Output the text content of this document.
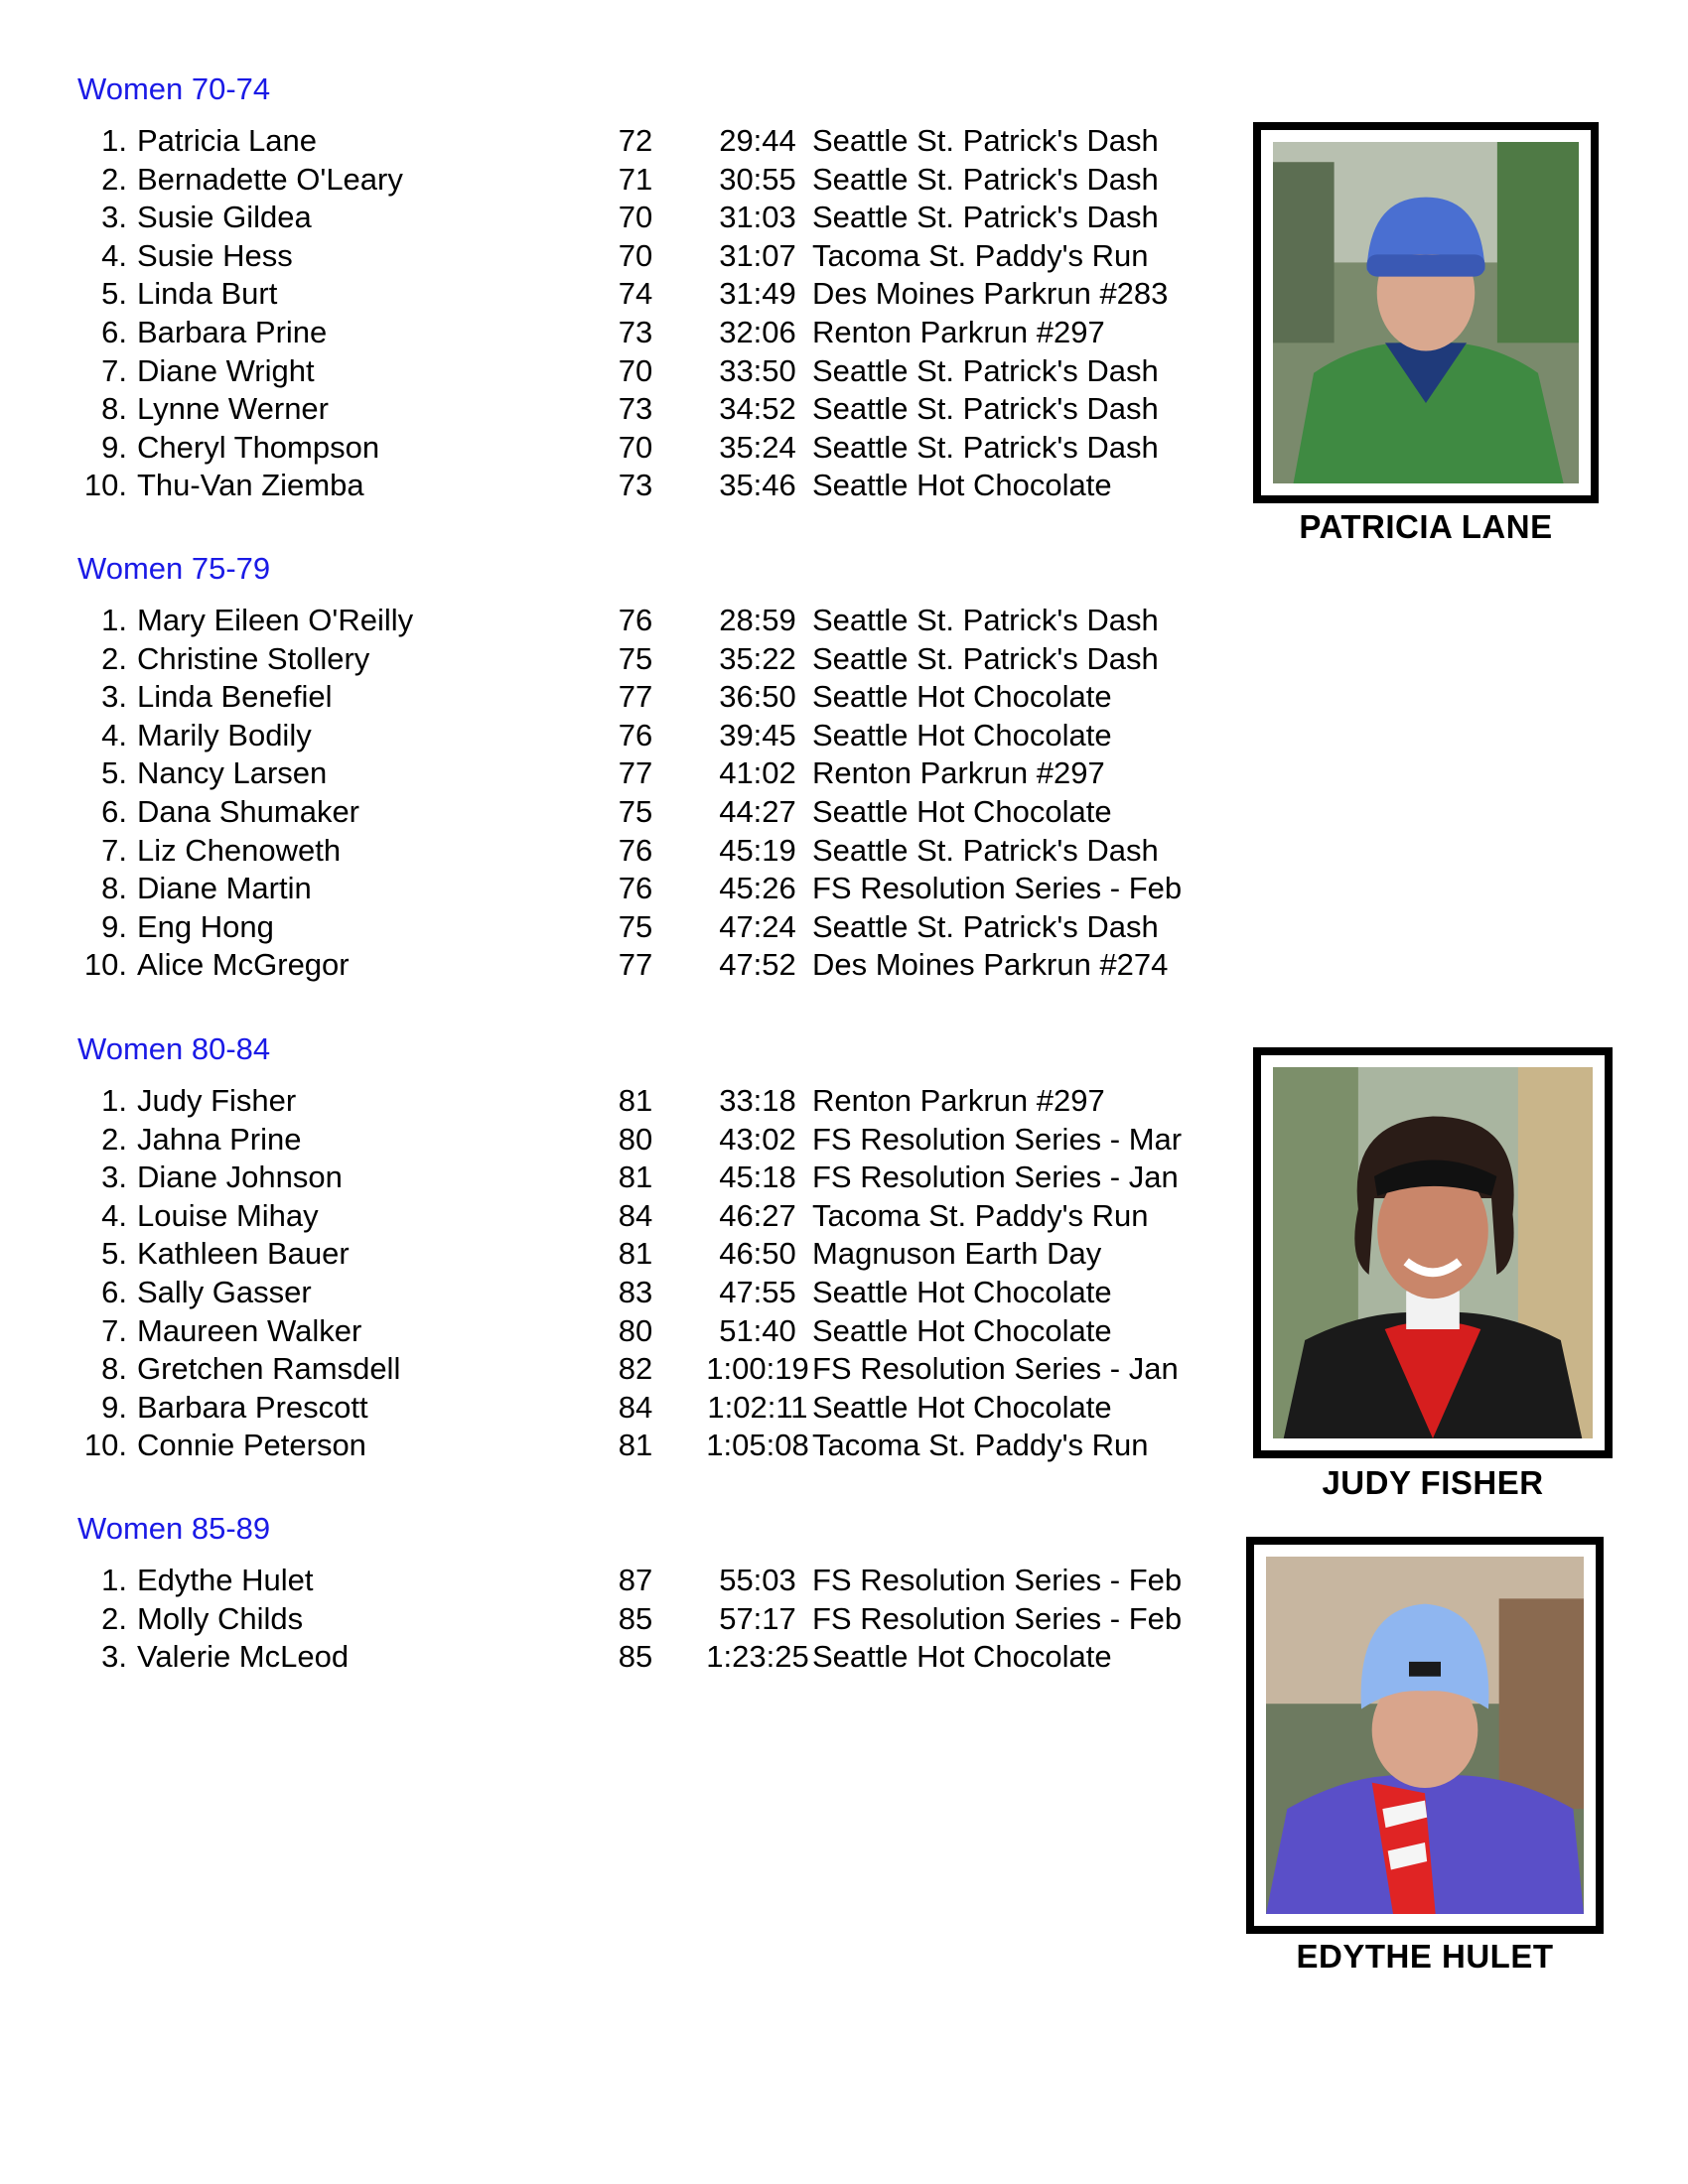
Women 70-74
1. Patricia Lane	72	29:44 Seattle St. Patrick's Dash
2. Bernadette O'Leary	71	30:55 Seattle St. Patrick's Dash
3. Susie Gildea	70	31:03 Seattle St. Patrick's Dash
4. Susie Hess	70	31:07 Tacoma St. Paddy's Run
5. Linda Burt	74	31:49 Des Moines Parkrun #283
6. Barbara Prine	73	32:06 Renton Parkrun #297
7. Diane Wright	70	33:50 Seattle St. Patrick's Dash
8. Lynne Werner	73	34:52 Seattle St. Patrick's Dash
9. Cheryl Thompson	70	35:24 Seattle St. Patrick's Dash
10. Thu-Van Ziemba	73	35:46 Seattle Hot Chocolate
Women 75-79
1. Mary Eileen O'Reilly	76	28:59 Seattle St. Patrick's Dash
2. Christine Stollery	75	35:22 Seattle St. Patrick's Dash
3. Linda Benefiel	77	36:50 Seattle Hot Chocolate
4. Marily Bodily	76	39:45 Seattle Hot Chocolate
5. Nancy Larsen	77	41:02 Renton Parkrun #297
6. Dana Shumaker	75	44:27 Seattle Hot Chocolate
7. Liz Chenoweth	76	45:19 Seattle St. Patrick's Dash
8. Diane Martin	76	45:26 FS Resolution Series - Feb
9. Eng Hong	75	47:24 Seattle St. Patrick's Dash
10. Alice McGregor	77	47:52 Des Moines Parkrun #274
Women 80-84
1. Judy Fisher	81	33:18 Renton Parkrun #297
2. Jahna Prine	80	43:02 FS Resolution Series - Mar
3. Diane Johnson	81	45:18 FS Resolution Series - Jan
4. Louise Mihay	84	46:27 Tacoma St. Paddy's Run
5. Kathleen Bauer	81	46:50 Magnuson Earth Day
6. Sally Gasser	83	47:55 Seattle Hot Chocolate
7. Maureen Walker	80	51:40 Seattle Hot Chocolate
8. Gretchen Ramsdell	82	1:00:19 FS Resolution Series - Jan
9. Barbara Prescott	84	1:02:11 Seattle Hot Chocolate
10. Connie Peterson	81	1:05:08 Tacoma St. Paddy's Run
Women 85-89
1. Edythe Hulet	87	55:03 FS Resolution Series - Feb
2. Molly Childs	85	57:17 FS Resolution Series - Feb
3. Valerie McLeod	85	1:23:25 Seattle Hot Chocolate
PATRICIA LANE
JUDY FISHER
EDYTHE HULET
